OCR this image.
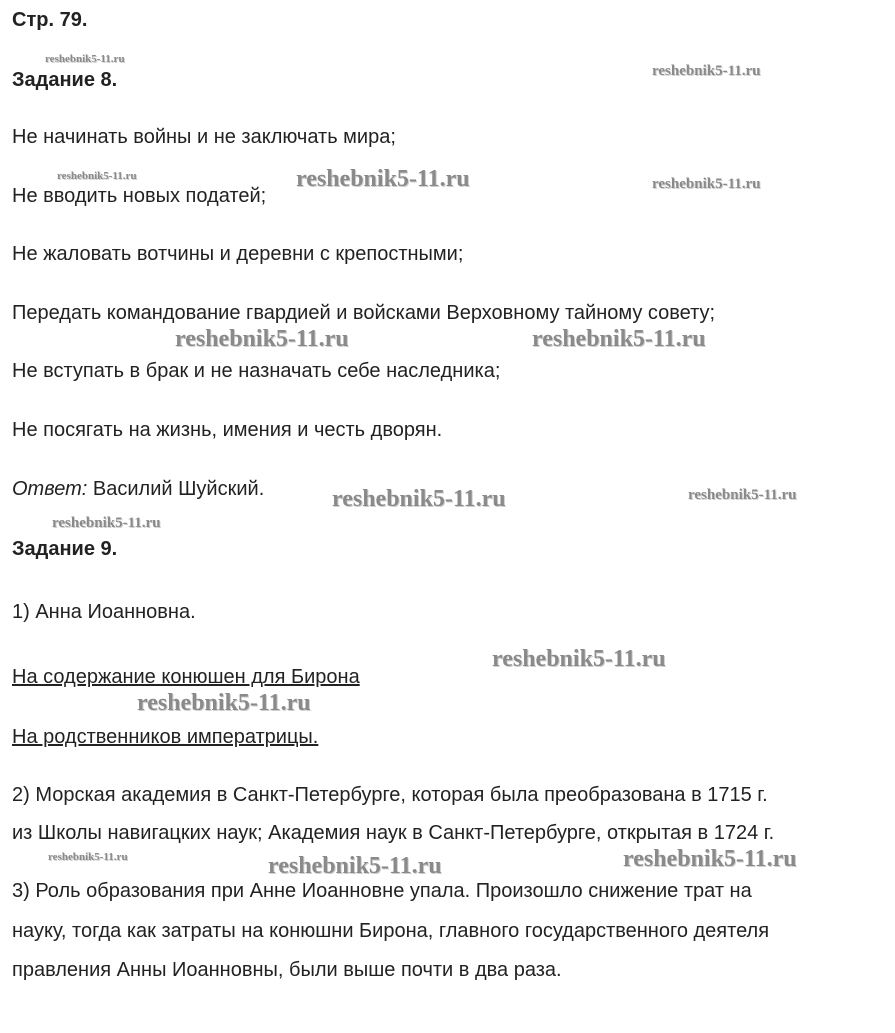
Стр. 79.
Задание 8.
Не начинать войны и не заключать мира;
Не вводить новых податей;
Не жаловать вотчины и деревни с крепостными;
Передать командование гвардией и войсками Верховному тайному совету;
Не вступать в брак и не назначать себе наследника;
Не посягать на жизнь, имения и честь дворян.
Ответ: Василий Шуйский.
Задание 9.
1) Анна Иоанновна.
На содержание конюшен для Бирона
На родственников императрицы.
2) Морская академия в Санкт-Петербурге, которая была преобразована в 1715 г.
из Школы навигацких наук; Академия наук в Санкт-Петербурге, открытая в 1724 г.
3) Роль образования при Анне Иоанновне упала. Произошло снижение трат на
науку, тогда как затраты на конюшни Бирона, главного государственного деятеля
правления Анны Иоанновны, были выше почти в два раза.
reshebnik5-11.ru
reshebnik5-11.ru
reshebnik5-11.ru	reshebnik5-11.ru	reshebnik5-11.ru
reshebnik5-11.ru	reshebnik5-11.ru
reshebnik5-11.ru	reshebnik5-11.ru
reshebnik5-11.ru
reshebnik5-11.ru
reshebnik5-11.ru
reshebnik5-11.ru	reshebnik5-11.ru	reshebnik5-11.ru
